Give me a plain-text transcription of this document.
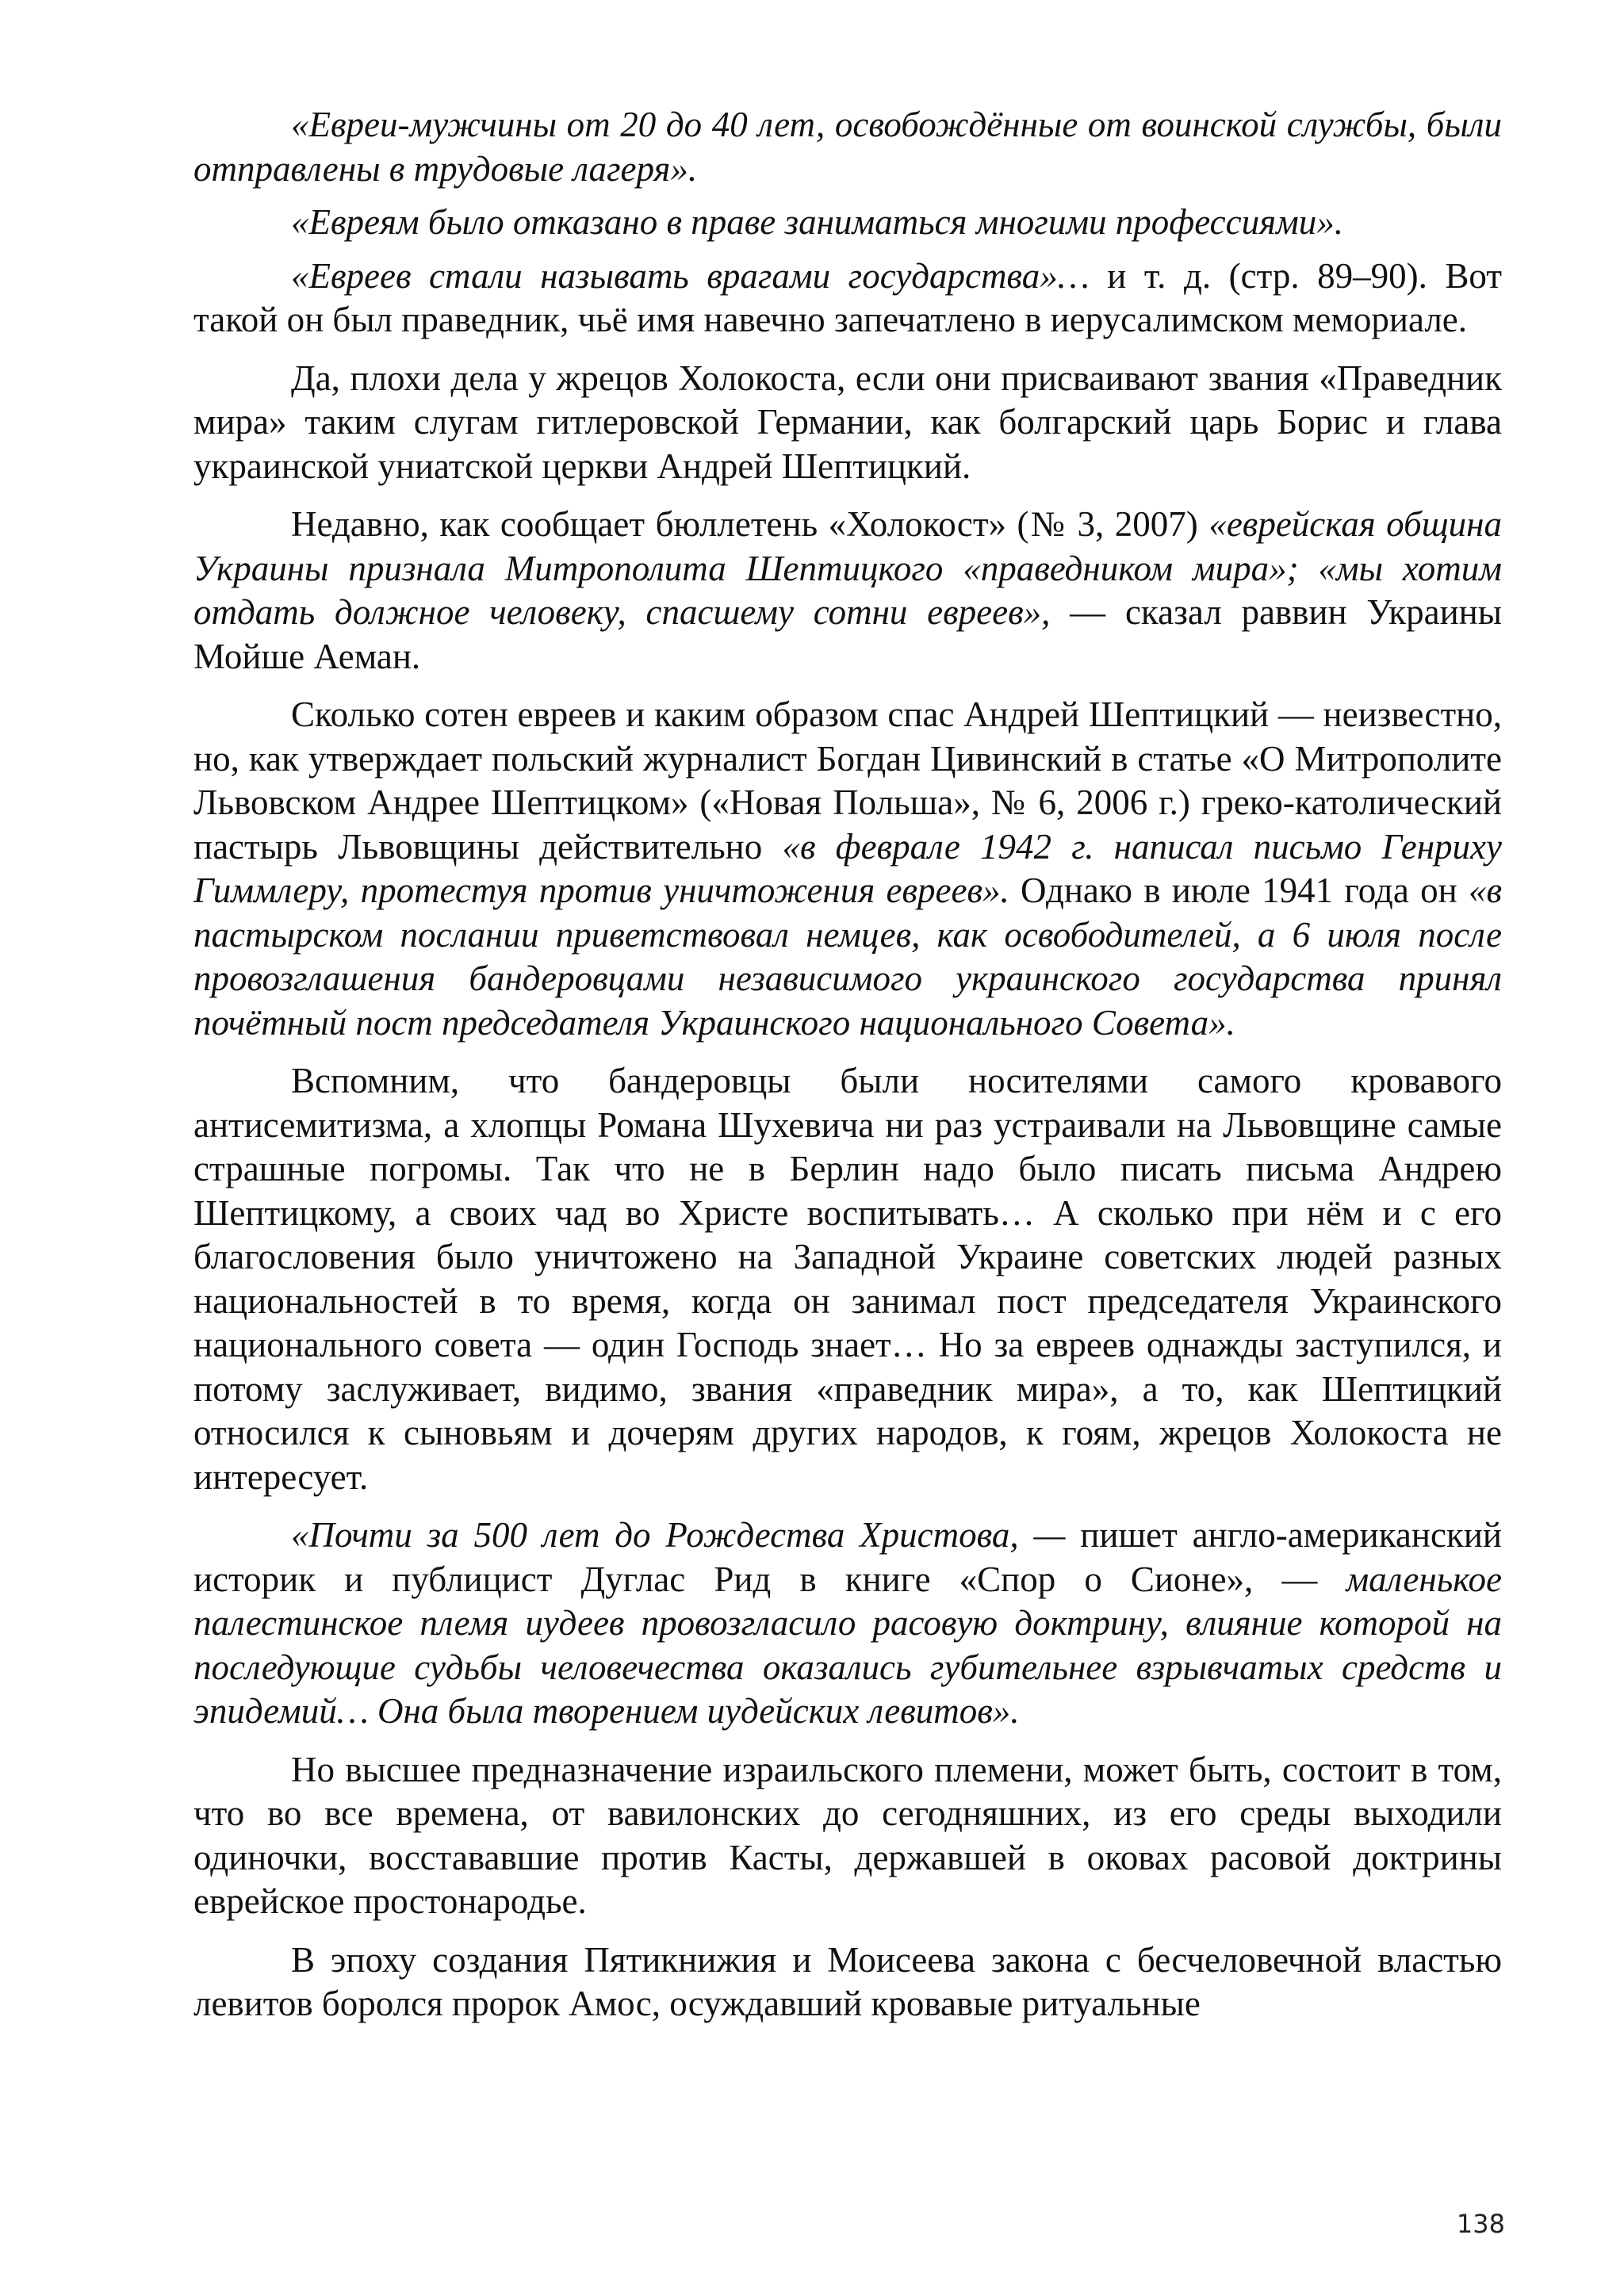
«Евреи-мужчины от 20 до 40 лет, освобождённые от воинской службы, были отправлены в трудовые лагеря».

«Евреям было отказано в праве заниматься многими профессиями».

«Евреев стали называть врагами государства»… и т. д. (стр. 89–90). Вот такой он был праведник, чьё имя навечно запечатлено в иерусалимском мемориале.

Да, плохи дела у жрецов Холокоста, если они присваивают звания «Праведник мира» таким слугам гитлеровской Германии, как болгарский царь Борис и глава украинской униатской церкви Андрей Шептицкий.

Недавно, как сообщает бюллетень «Холокост» (№ 3, 2007) «еврейская община Украины признала Митрополита Шептицкого «праведником мира»; «мы хотим отдать должное человеку, спасшему сотни евреев», — сказал раввин Украины Мойше Аеман.

Сколько сотен евреев и каким образом спас Андрей Шептицкий — неизвестно, но, как утверждает польский журналист Богдан Цивинский в статье «О Митрополите Львовском Андрее Шептицком» («Новая Польша», № 6, 2006 г.) греко-католический пастырь Львовщины действительно «в феврале 1942 г. написал письмо Генриху Гиммлеру, протестуя против уничтожения евреев». Однако в июле 1941 года он «в пастырском послании приветствовал немцев, как освободителей, а 6 июля после провозглашения бандеровцами независимого украинского государства принял почётный пост председателя Украинского национального Совета».

Вспомним, что бандеровцы были носителями самого кровавого антисемитизма, а хлопцы Романа Шухевича ни раз устраивали на Львовщине самые страшные погромы. Так что не в Берлин надо было писать письма Андрею Шептицкому, а своих чад во Христе воспитывать… А сколько при нём и с его благословения было уничтожено на Западной Украине советских людей разных национальностей в то время, когда он занимал пост председателя Украинского национального совета — один Господь знает… Но за евреев однажды заступился, и потому заслуживает, видимо, звания «праведник мира», а то, как Шептицкий относился к сыновьям и дочерям других народов, к гоям, жрецов Холокоста не интересует.

«Почти за 500 лет до Рождества Христова, — пишет англо-американский историк и публицист Дуглас Рид в книге «Спор о Сионе», — маленькое палестинское племя иудеев провозгласило расовую доктрину, влияние которой на последующие судьбы человечества оказались губительнее взрывчатых средств и эпидемий… Она была творением иудейских левитов».

Но высшее предназначение израильского племени, может быть, состоит в том, что во все времена, от вавилонских до сегодняшних, из его среды выходили одиночки, восстававшие против Касты, державшей в оковах расовой доктрины еврейское простонародье.

В эпоху создания Пятикнижия и Моисеева закона с бесчеловечной властью левитов боролся пророк Амос, осуждавший кровавые ритуальные

138
